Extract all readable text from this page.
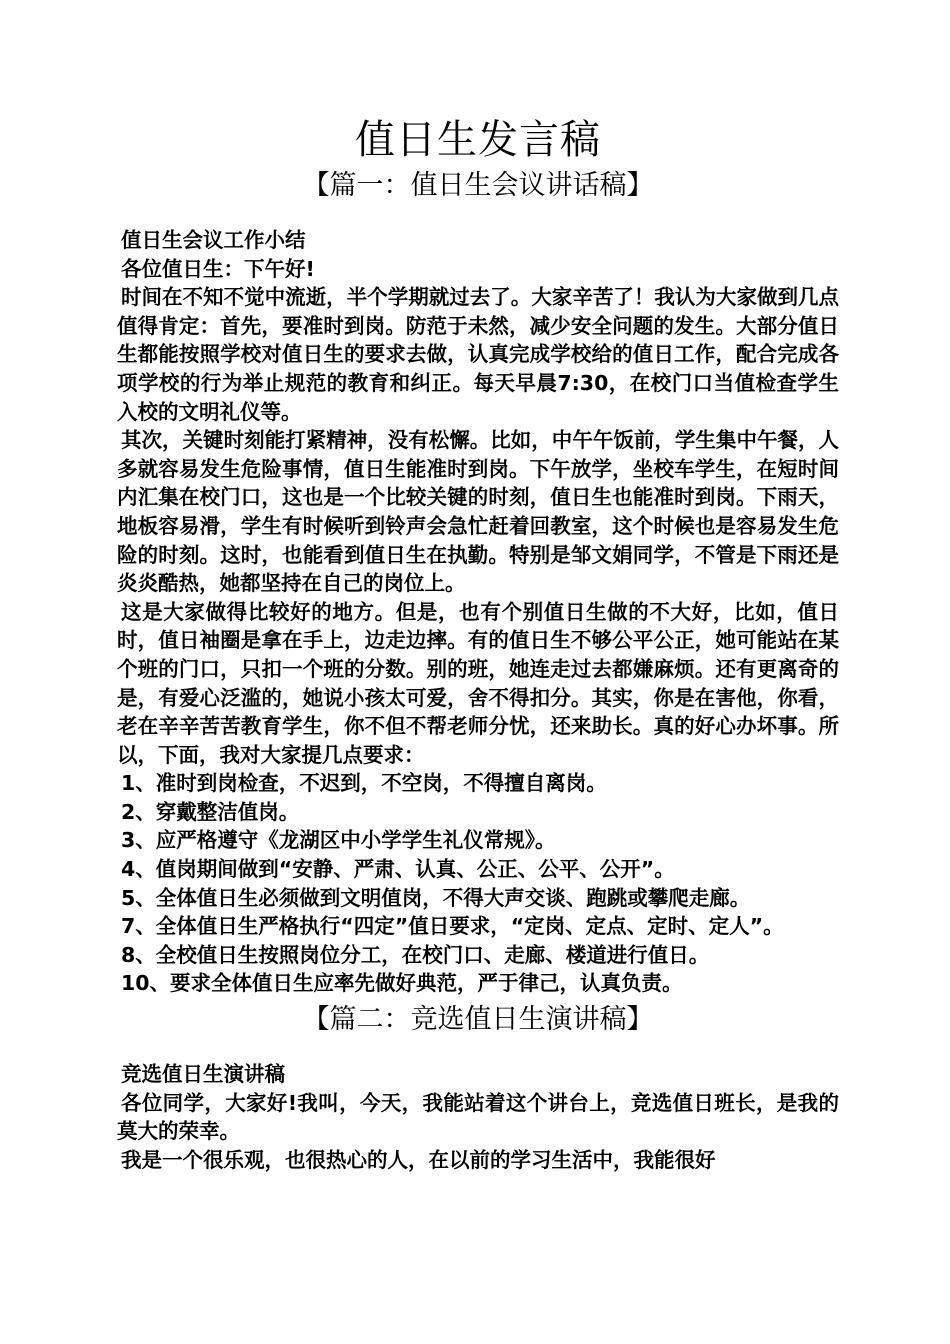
值日生发言稿
【篇一：值日生会议讲话稿】

值日生会议工作小结

各位值日生：下午好!

时间在不知不觉中流逝，半个学期就过去了。大家辛苦了！我认为大家做到几点值得肯定：首先，要准时到岗。防范于未然，减少安全问题的发生。大部分值日生都能按照学校对值日生的要求去做，认真完成学校给的值日工作，配合完成各项学校的行为举止规范的教育和纠正。每天早晨7:30，在校门口当值检查学生入校的文明礼仪等。

其次，关键时刻能打紧精神，没有松懈。比如，中午午饭前，学生集中午餐，人多就容易发生危险事情，值日生能准时到岗。下午放学，坐校车学生，在短时间内汇集在校门口，这也是一个比较关键的时刻，值日生也能准时到岗。下雨天，地板容易滑，学生有时候听到铃声会急忙赶着回教室，这个时候也是容易发生危险的时刻。这时，也能看到值日生在执勤。特别是邹文娟同学，不管是下雨还是炎炎酷热，她都坚持在自己的岗位上。

这是大家做得比较好的地方。但是，也有个别值日生做的不大好，比如，值日时，值日袖圈是拿在手上，边走边摔。有的值日生不够公平公正，她可能站在某个班的门口，只扣一个班的分数。别的班，她连走过去都嫌麻烦。还有更离奇的是，有爱心泛滥的，她说小孩太可爱，舍不得扣分。其实，你是在害他，你看，老在辛辛苦苦教育学生，你不但不帮老师分忧，还来助长。真的好心办坏事。所以，下面，我对大家提几点要求：

1、准时到岗检查，不迟到，不空岗，不得擅自离岗。

2、穿戴整洁值岗。

3、应严格遵守《龙湖区中小学学生礼仪常规》。

4、值岗期间做到“安静、严肃、认真、公正、公平、公开”。

5、全体值日生必须做到文明值岗，不得大声交谈、跑跳或攀爬走廊。

7、全体值日生严格执行“四定”值日要求，“定岗、定点、定时、定人”。

8、全校值日生按照岗位分工，在校门口、走廊、楼道进行值日。

10、要求全体值日生应率先做好典范，严于律己，认真负责。

【篇二：竞选值日生演讲稿】

竞选值日生演讲稿

各位同学，大家好!我叫，今天，我能站着这个讲台上，竞选值日班长，是我的莫大的荣幸。

我是一个很乐观，也很热心的人，在以前的学习生活中，我能很好
